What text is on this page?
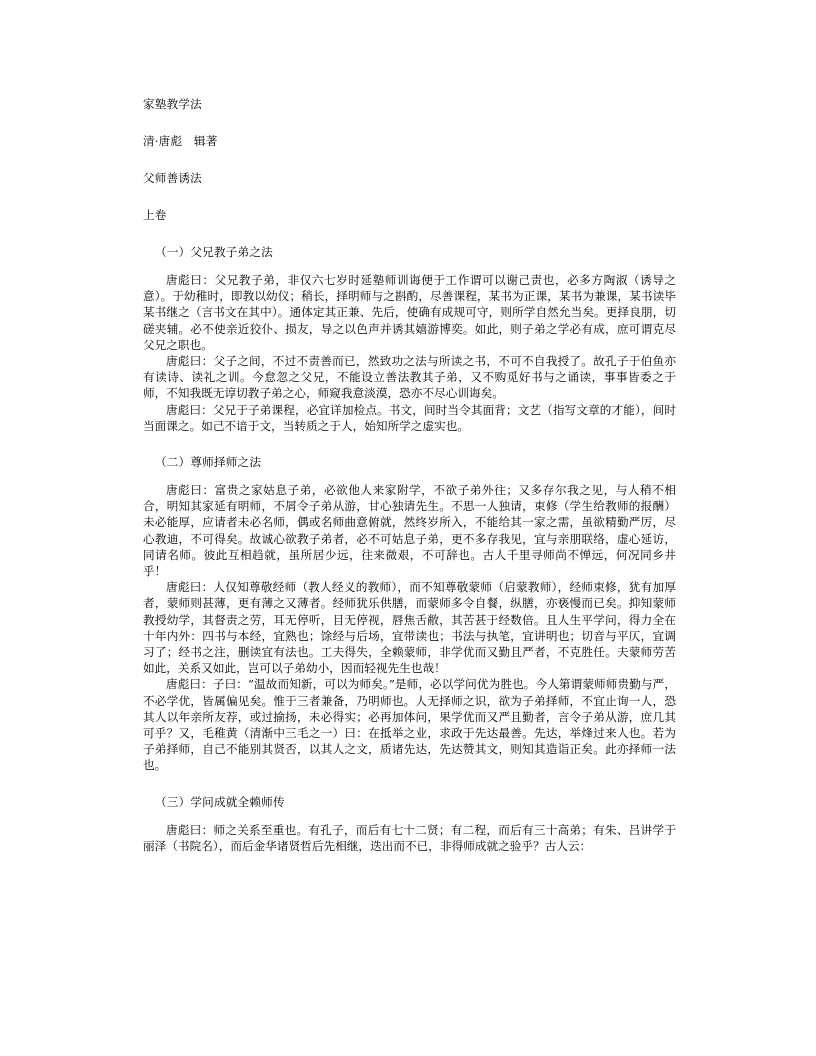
家塾教学法
清·唐彪   辑著
父师善诱法
上卷
（一）父兄教子弟之法

唐彪曰：父兄教子弟，非仅六七岁时延塾师训诲便于工作谓可以谢己责也，必多方陶淑（诱导之意）。于幼稚时，即教以幼仪；稍长，择明师与之斟酌，尽善课程，某书为正课，某书为兼课，某书读毕某书继之（言书文在其中）。通体定其正兼、先后，使确有成规可守，则所学自然允当矣。更择良朋，切磋夹辅。必不使亲近狡仆、损友，导之以色声并诱其嬉游博奕。如此，则子弟之学必有成，庶可谓克尽父兄之职也。

唐彪曰：父子之间，不过不责善而已，然致功之法与所读之书，不可不自我授了。故孔子于伯鱼亦有读诗、读礼之训。今怠忽之父兄，不能设立善法教其子弟，又不购觅好书与之诵读，事事皆委之于师，不知我既无谆切教子弟之心，师窥我意淡漠，恐亦不尽心训诲矣。

唐彪曰：父兄于子弟课程，必宜详加检点。书文，间时当令其面背；文艺（指写文章的才能），间时当面课之。如己不谙于文，当转质之于人，始知所学之虚实也。

（二）尊师择师之法

唐彪曰：富贵之家姑息子弟，必欲他人来家附学，不欲子弟外往；又多存尔我之见，与人稍不相合，明知其家延有明师，不屑令子弟从游，甘心独请先生。不思一人独请，束修（学生给教师的报酬）未必能厚，应请者未必名师，偶或名师曲意俯就，然终岁所入，不能给其一家之需，虽欲精勤严厉，尽心教迪，不可得矣。故诚心欲教子弟者，必不可姑息子弟，更不多存我见，宜与亲朋联络，虚心延访，同请名师。彼此互相趋就，虽所居少远，往来微艰，不可辞也。古人千里寻师尚不惮远，何况同乡井乎！

唐彪曰：人仅知尊敬经师（教人经义的教师），而不知尊敬蒙师（启蒙教师），经师束修，犹有加厚者，蒙师则甚薄，更有薄之又薄者。经师犹乐供膳，而蒙师多令自餐，纵膳，亦亵慢而已矣。抑知蒙师教授幼学，其督责之劳，耳无停听，目无停视，唇焦舌敝，其苦甚于经数倍。且人生平学问，得力全在十年内外：四书与本经，宜熟也；馀经与后场，宜带读也；书法与执笔，宜讲明也；切音与平仄，宜调习了；经书之注，删读宜有法也。工夫得失，全赖蒙师，非学优而又勤且严者，不克胜任。夫蒙师劳苦如此，关系又如此，岂可以子弟幼小，因而轻视先生也哉！

唐彪曰：子曰：“温故而知新，可以为师矣。”是师，必以学问优为胜也。今人第谓蒙师师贵勤与严，不必学优，皆属偏见矣。惟于三者兼备，乃明师也。人无择师之识，欲为子弟择师，不宜止询一人，恐其人以年亲所友荐，或过揄扬，未必得实；必再加体问，果学优而又严且勤者，言令子弟从游，庶几其可乎？又，毛稚黄（清渐中三毛之一）曰：在抵举之业，求政于先达最善。先达，举烽过来人也。若为子弟择师，自己不能别其贤否，以其人之文，质诸先达，先达赞其文，则知其造诣正矣。此亦择师一法也。

（三）学问成就全赖师传

唐彪曰：师之关系至重也。有孔子，而后有七十二贤；有二程，而后有三十高弟；有朱、吕讲学于丽泽（书院名），而后金华诸贤哲后先相继，迭出而不已，非得师成就之验乎？古人云：
